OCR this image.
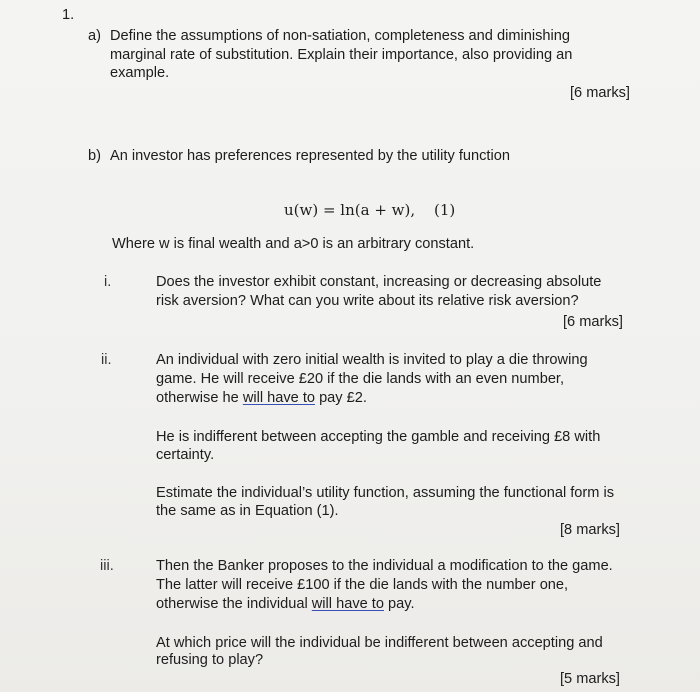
1.

a) Define the assumptions of non-satiation, completeness and diminishing

marginal rate of substitution. Explain their importance, also providing an

example.

[6 marks]

b) An investor has preferences represented by the utility function

u(w) = ln(a + w), (1)

Where w is final wealth and a>0 is an arbitrary constant.

i.	Does the investor exhibit constant, increasing or decreasing absolute

risk aversion? What can you write about its relative risk aversion?

[6 marks]

ii.	An individual with zero initial wealth is invited to play a die throwing

game. He will receive £20 if the die lands with an even number,

otherwise he will have to pay £2.

He is indifferent between accepting the gamble and receiving £8 with

certainty.

Estimate the individual’s utility function, assuming the functional form is

the same as in Equation (1).

[8 marks]

iii.	Then the Banker proposes to the individual a modification to the game.

The latter will receive £100 if the die lands with the number one,

otherwise the individual will have to pay.

At which price will the individual be indifferent between accepting and

refusing to play?

[5 marks]
